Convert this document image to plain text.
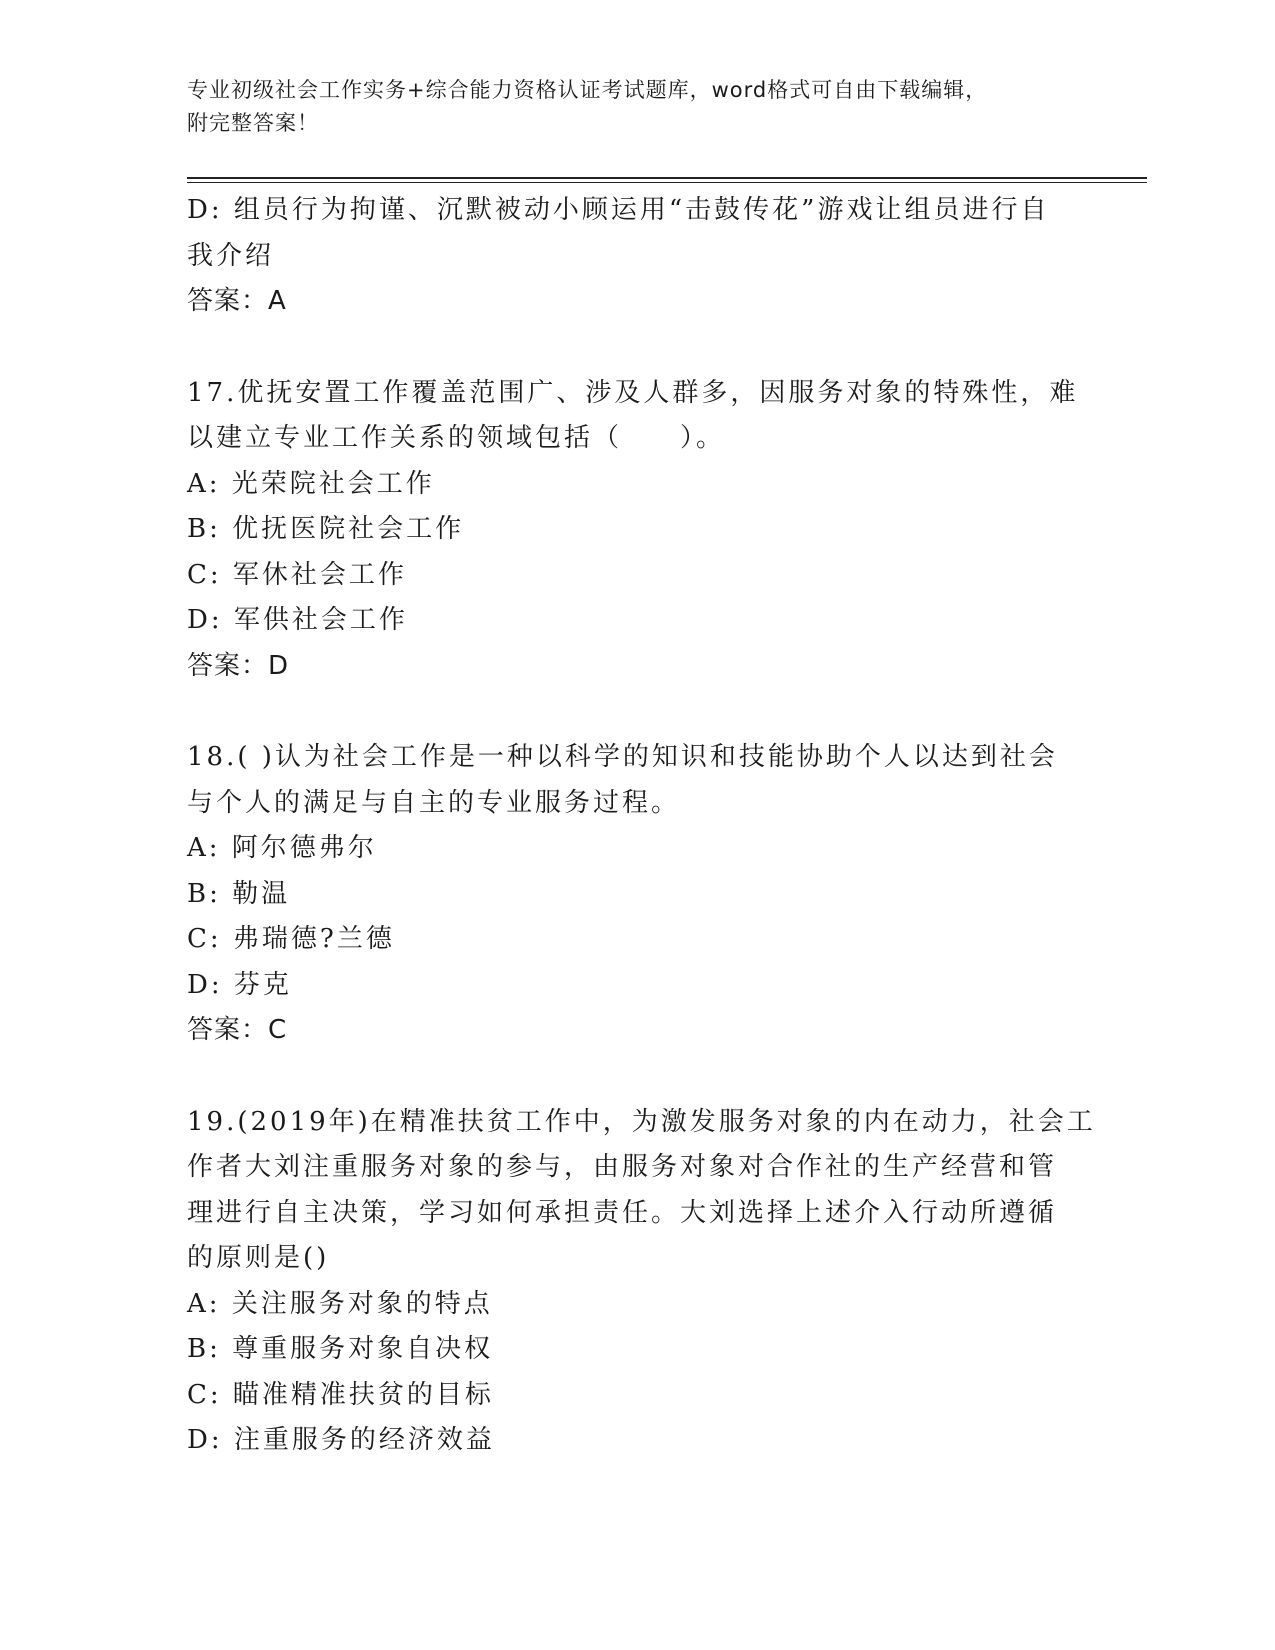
专业初级社会工作实务+综合能力资格认证考试题库，word格式可自由下载编辑，
附完整答案！
D: 组员行为拘谨、沉默被动小顾运用“击鼓传花”游戏让组员进行自
我介绍
答案：A
17.优抚安置工作覆盖范围广、涉及人群多，因服务对象的特殊性，难
以建立专业工作关系的领域包括（　　）。
A: 光荣院社会工作
B: 优抚医院社会工作
C: 军休社会工作
D: 军供社会工作
答案：D
18.( )认为社会工作是一种以科学的知识和技能协助个人以达到社会
与个人的满足与自主的专业服务过程。
A: 阿尔德弗尔
B: 勒温
C: 弗瑞德?兰德
D: 芬克
答案：C
19.(2019年)在精准扶贫工作中，为激发服务对象的内在动力，社会工
作者大刘注重服务对象的参与，由服务对象对合作社的生产经营和管
理进行自主决策，学习如何承担责任。大刘选择上述介入行动所遵循
的原则是()
A: 关注服务对象的特点
B: 尊重服务对象自决权
C: 瞄准精准扶贫的目标
D: 注重服务的经济效益
